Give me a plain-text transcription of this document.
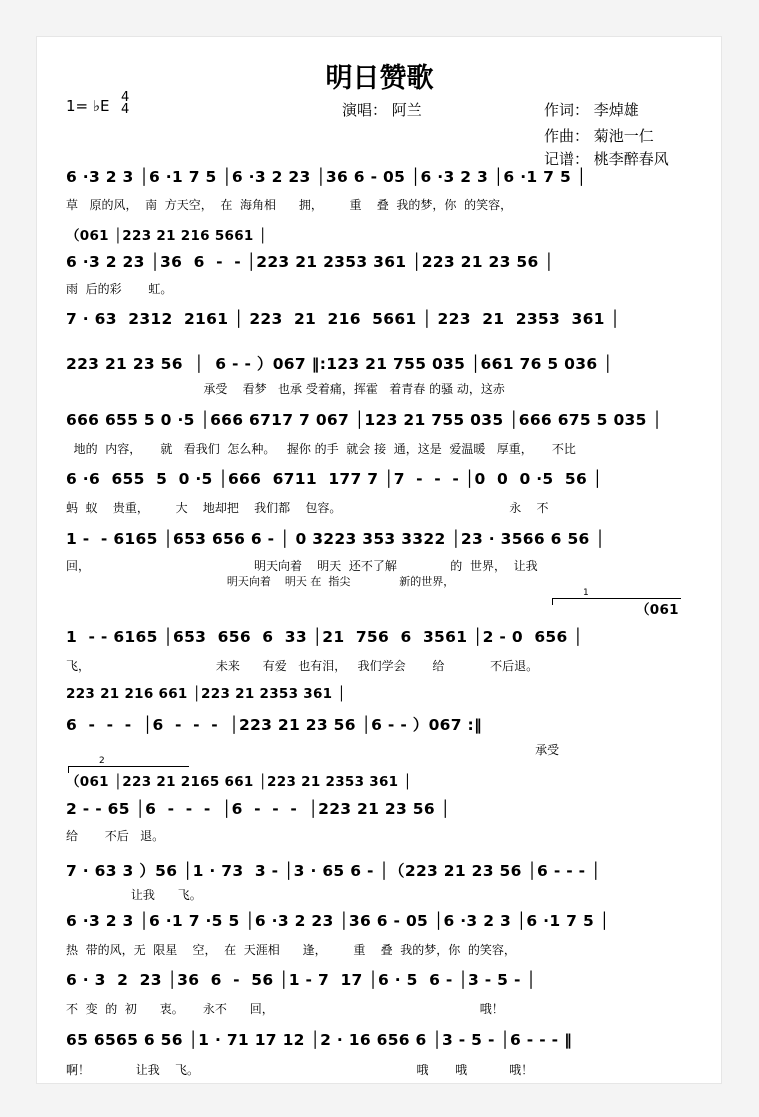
明日赞歌
1= ♭E 4
4	演唱： 阿兰	作词： 李焯雄
作曲： 菊池一仁
记谱： 桃李醉春风
1
2
6 ·3 2 3 │6 ·1 7 5 │6 ·3 2 23 │36 6 - 05 │6 ·3 2 3 │6 ·1 7 5 │
草   原的风，  南  方天空，  在  海角相      拥，       重    叠  我的梦，你  的笑容，
（061 │223 21 216 5661 │
6 ·3 2 23 │36  6  -  - │223 21 2353 361 │223 21 23 56 │
雨  后的彩       虹。
7 · 63  2312  2161 │ 223  21  216  5661 │ 223  21  2353  361 │
223 21 23 56  │  6 - - ）067 ‖:123 21 755 035 │661 76 5 036 │
承受    看梦   也承 受着痛，挥霍   着青春 的骚 动，这赤
666 655 5 0 ·5 │666 6717 7 067 │123 21 755 035 │666 675 5 035 │
地的  内容，     就   看我们  怎么种。   握你 的手  就会 接  通，这是  爱温暖   厚重，     不比
6 ·6  655  5  0 ·5 │666  6711  177 7 │7  -  -  - │0  0  0 ·5  56 │
蚂  蚁    贵重，       大    地却把    我们都    包容。                                            永    不
1 -  - 6165 │653 656 6 - │ 0 3223 353 3322 │23 · 3566 6 56 │
回，                                           明天向着    明天  还不了解              的  世界，  让我
明天向着    明天 在  指尖              新的世界，
（061
1  - - 6165 │653  656  6  33 │21  756  6  3561 │2 - 0  656 │
飞，                                 未来      有爱   也有泪，   我们学会       给            不后退。
223 21 216 661 │223 21 2353 361 │
6  -  -  -  │6  -  -  -  │223 21 23 56 │6 - - ）067 :‖
承受
（061 │223 21 2165 661 │223 21 2353 361 │
2 - - 65 │6  -  -  -  │6  -  -  -  │223 21 23 56 │
给       不后   退。
7 · 63 3 ）56 │1 · 73  3 - │3 · 65 6 - │（223 21 23 56 │6 - - - │
让我      飞。
6 ·3 2 3 │6 ·1 7 ·5 5 │6 ·3 2 23 │36 6 - 05 │6 ·3 2 3 │6 ·1 7 5 │
热  带的风，无  限星    空，  在  天涯相      逢，       重    叠  我的梦，你  的笑容，
6 · 3  2  23 │36  6  -  56 │1 - 7  17 │6 · 5  6 - │3 - 5 - │
不  变  的  初      衷。     永不      回，                                                      哦！
65 6565 6 56 │1 · 71 17 12 │2 · 16 656 6 │3 - 5 - │6 - - - ‖
啊！            让我    飞。                                                         哦       哦           哦！
